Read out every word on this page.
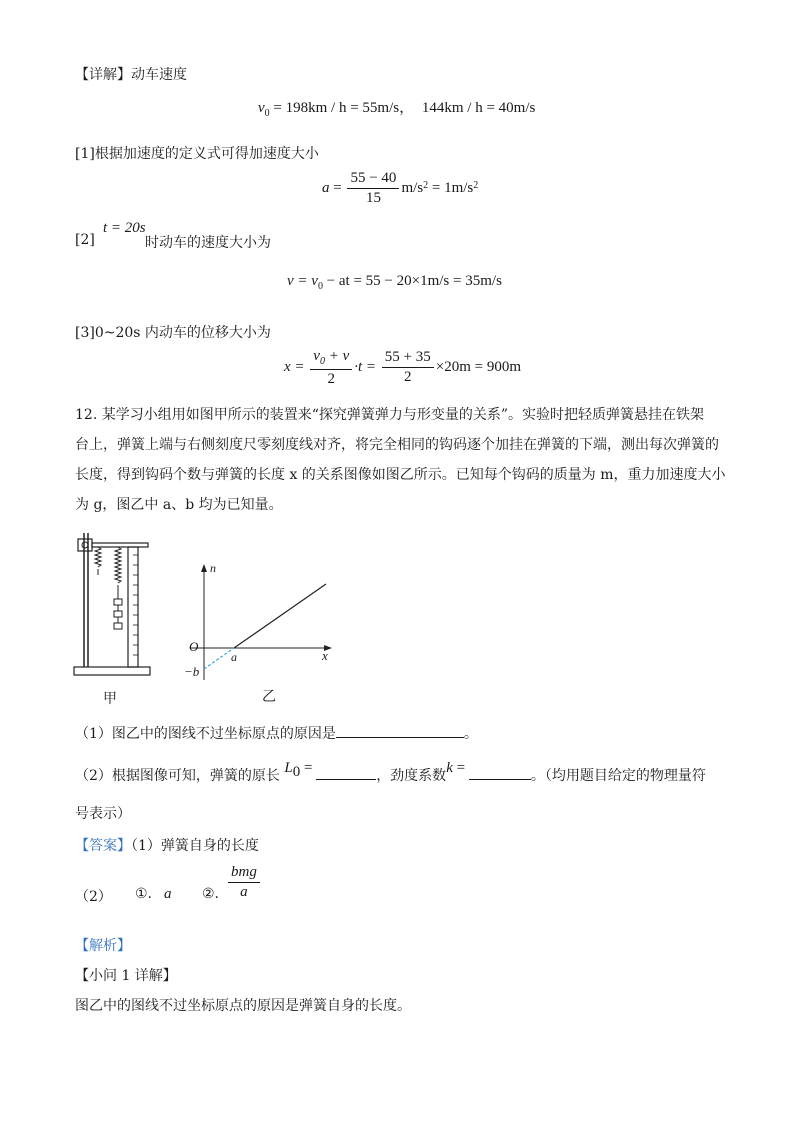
【详解】动车速度
$v_0 = 198km / h = 55m/s$， 144km / h = 40m/s
[1]根据加速度的定义式可得加速度大小
$a = \frac{55 - 40}{15} m/s^2 = 1m/s^2$
[2]
t = 20s
时动车的速度大小为
$v = v_0$ − at = 55 − 20×1m/s = 35m/s
[3]0~20s 内动车的位移大小为
$x = \frac{v_0 + v}{2} \cdot t = \frac{55 + 35}{2} \times 20m = 900m$
12. 某学习小组用如图甲所示的装置来“探究弹簧弹力与形变量的关系”。实验时把轻质弹簧悬挂在铁架
台上，弹簧上端与右侧刻度尺零刻度线对齐，将完全相同的钩码逐个加挂在弹簧的下端，测出每次弹簧的
长度，得到钩码个数与弹簧的长度 x 的关系图像如图乙所示。已知每个钩码的质量为 m，重力加速度大小
为 g，图乙中 a、b 均为已知量。
甲
n
x
O
a
−b
乙
（1）图乙中的图线不过坐标原点的原因是	。
（2）根据图像可知，弹簧的原长 $L_0$ =	，劲度系数k =	。（均用题目给定的物理量符
号表示）
【答案】（1）弹簧自身的长度
（2） ①. a ②. $\frac{\text{bmg}}{a}$
【解析】
【小问 1 详解】
图乙中的图线不过坐标原点的原因是弹簧自身的长度。
